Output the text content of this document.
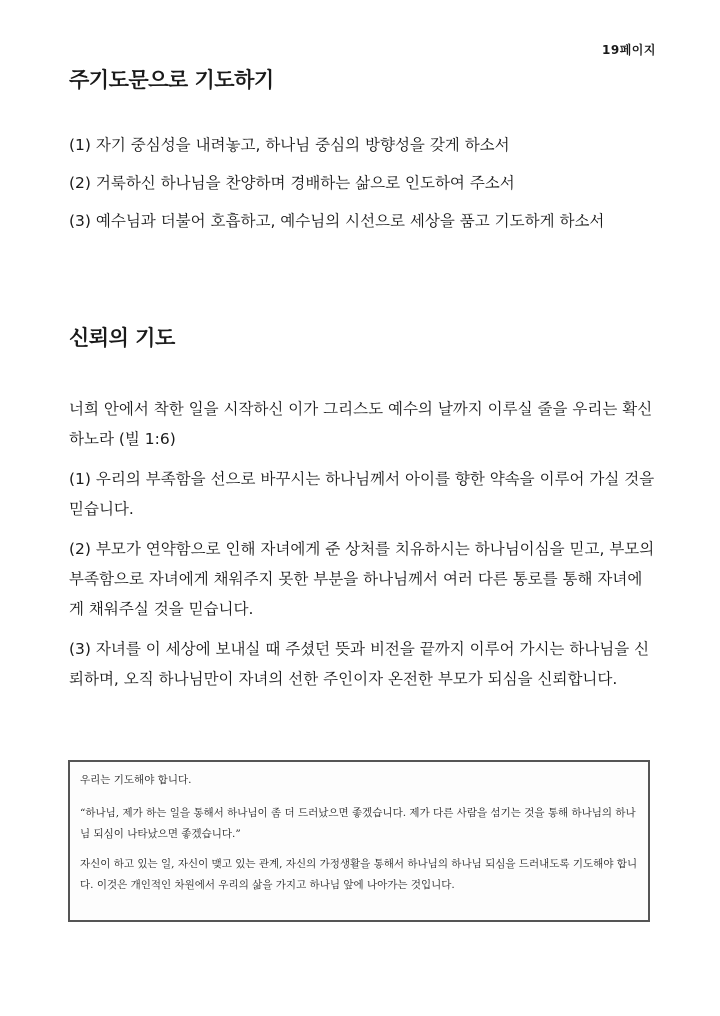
19페이지
주기도문으로 기도하기
(1) 자기 중심성을 내려놓고, 하나님 중심의 방향성을 갖게 하소서
(2) 거룩하신 하나님을 찬양하며 경배하는 삶으로 인도하여 주소서
(3) 예수님과 더불어 호흡하고, 예수님의 시선으로 세상을 품고 기도하게 하소서
신뢰의 기도

너희 안에서 착한 일을 시작하신 이가 그리스도 예수의 날까지 이루실 줄을 우리는 확신하노라 (빌 1:6)

(1) 우리의 부족함을 선으로 바꾸시는 하나님께서 아이를 향한 약속을 이루어 가실 것을 믿습니다.

(2) 부모가 연약함으로 인해 자녀에게 준 상처를 치유하시는 하나님이심을 믿고, 부모의 부족함으로 자녀에게 채워주지 못한 부분을 하나님께서 여러 다른 통로를 통해 자녀에게 채워주실 것을 믿습니다.

(3) 자녀를 이 세상에 보내실 때 주셨던 뜻과 비전을 끝까지 이루어 가시는 하나님을 신뢰하며, 오직 하나님만이 자녀의 선한 주인이자 온전한 부모가 되심을 신뢰합니다.

우리는 기도해야 합니다.

“하나님, 제가 하는 일을 통해서 하나님이 좀 더 드러났으면 좋겠습니다. 제가 다른 사람을 섬기는 것을 통해 하나님의 하나님 되심이 나타났으면 좋겠습니다.”

자신이 하고 있는 일, 자신이 맺고 있는 관계, 자신의 가정생활을 통해서 하나님의 하나님 되심을 드러내도록 기도해야 합니다. 이것은 개인적인 차원에서 우리의 삶을 가지고 하나님 앞에 나아가는 것입니다.
